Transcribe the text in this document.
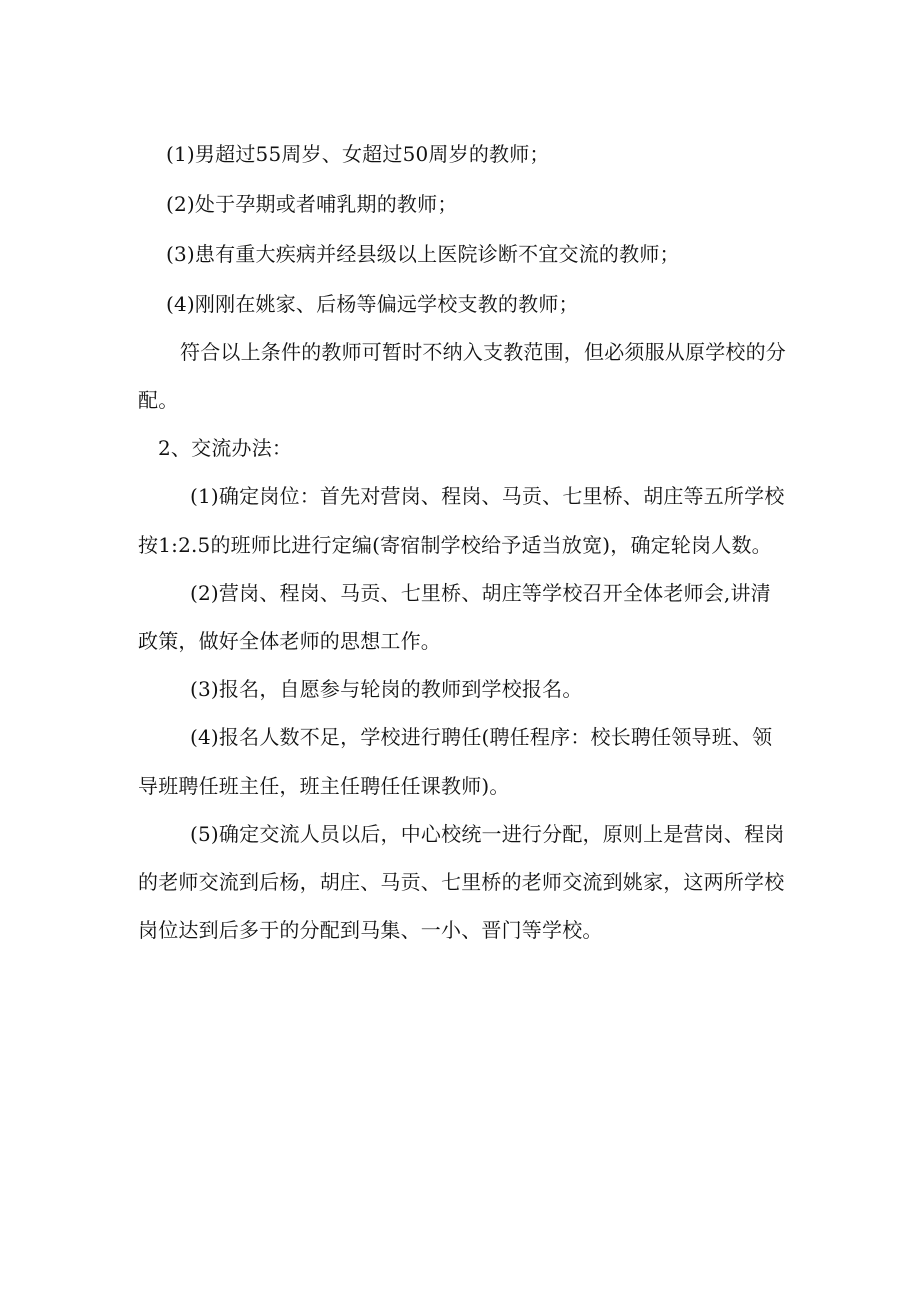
(1)男超过55周岁、女超过50周岁的教师；
(2)处于孕期或者哺乳期的教师；
(3)患有重大疾病并经县级以上医院诊断不宜交流的教师；
(4)刚刚在姚家、后杨等偏远学校支教的教师；
符合以上条件的教师可暂时不纳入支教范围，但必须服从原学校的分
配。
2、交流办法：
(1)确定岗位：首先对营岗、程岗、马贡、七里桥、胡庄等五所学校
按1:2.5的班师比进行定编(寄宿制学校给予适当放宽)，确定轮岗人数。
(2)营岗、程岗、马贡、七里桥、胡庄等学校召开全体老师会,讲清
政策，做好全体老师的思想工作。
(3)报名，自愿参与轮岗的教师到学校报名。
(4)报名人数不足，学校进行聘任(聘任程序：校长聘任领导班、领
导班聘任班主任，班主任聘任任课教师)。
(5)确定交流人员以后，中心校统一进行分配，原则上是营岗、程岗
的老师交流到后杨，胡庄、马贡、七里桥的老师交流到姚家，这两所学校
岗位达到后多于的分配到马集、一小、晋门等学校。
